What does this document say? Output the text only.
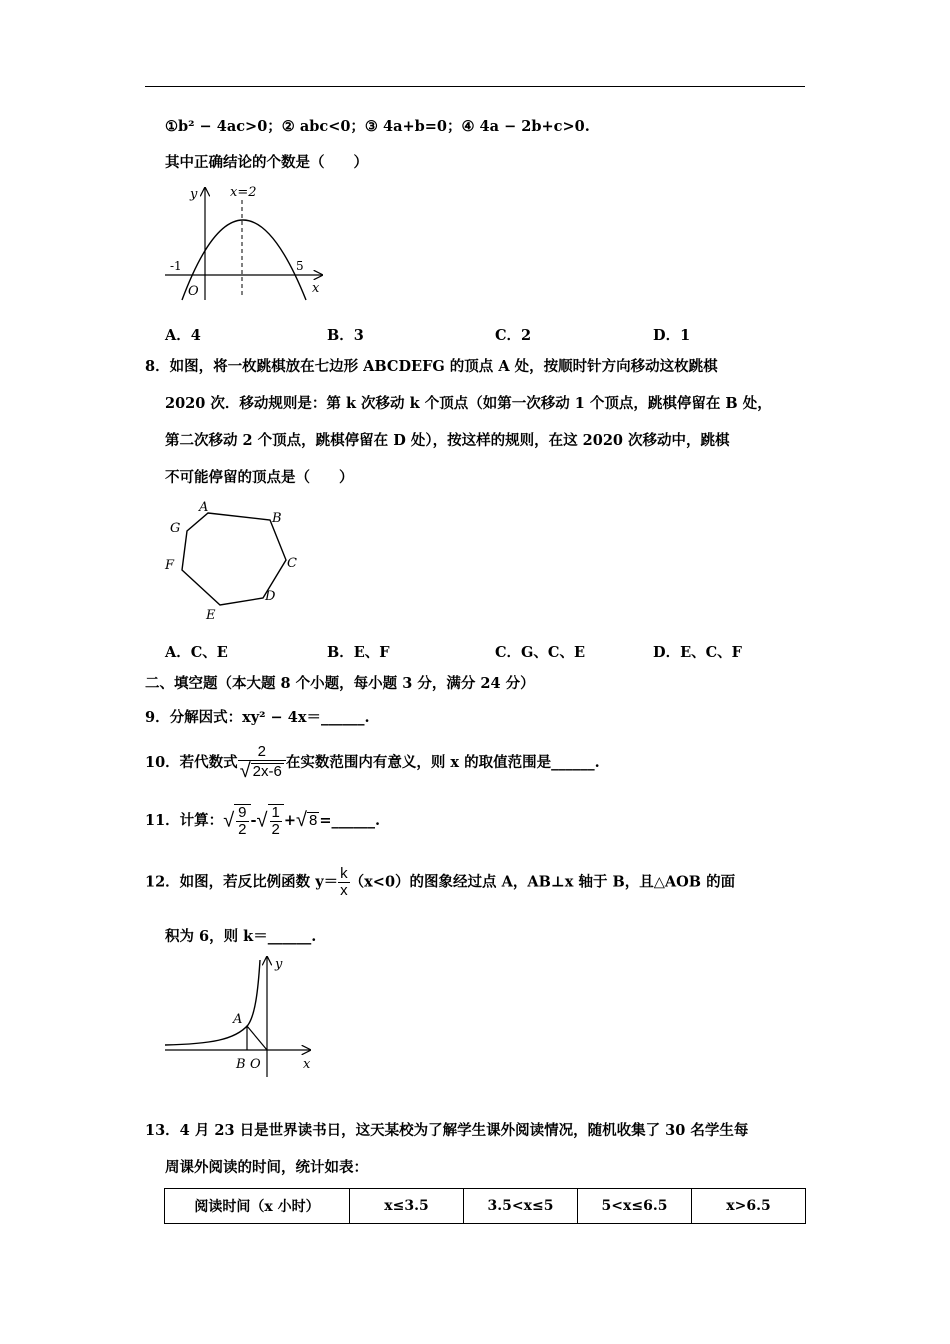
①b² − 4ac>0；② abc<0；③ 4a+b=0；④ 4a − 2b+c>0.
其中正确结论的个数是（　　）
x=2
y
x
O
-1	5
A．4	B．3	C．2	D．1
8．如图，将一枚跳棋放在七边形 ABCDEFG 的顶点 A 处，按顺时针方向移动这枚跳棋
2020 次．移动规则是：第 k 次移动 k 个顶点（如第一次移动 1 个顶点，跳棋停留在 B 处，
第二次移动 2 个顶点，跳棋停留在 D 处），按这样的规则，在这 2020 次移动中，跳棋
不可能停留的顶点是（　　）
A
B
C
D
E
F
G
A．C、E	B．E、F	C．G、C、E	D．E、C、F
二、填空题（本大题 8 个小题，每小题 3 分，满分 24 分）
9．分解因式：xy² − 4x＝______.
10．若代数式 $\frac{2}{√ 2x-6}$ 在实数范围内有意义，则 x 的取值范围是______.
11．计算：√ $\frac{9}{2}$ -√ $\frac{1}{2}$ +√ 8 =______.
12．如图，若反比例函数 $y= \frac{k}{x} (x<0)$的图象经过点 A，AB⊥x 轴于 B，且△AOB 的面
积为 6，则 k＝______.
y
x
A
B O
13．4 月 23 日是世界读书日，这天某校为了解学生课外阅读情况，随机收集了 30 名学生每
周课外阅读的时间，统计如表：
阅读时间（x 小时）	x≤3.5	3.5<x≤5	5<x≤6.5	x>6.5
